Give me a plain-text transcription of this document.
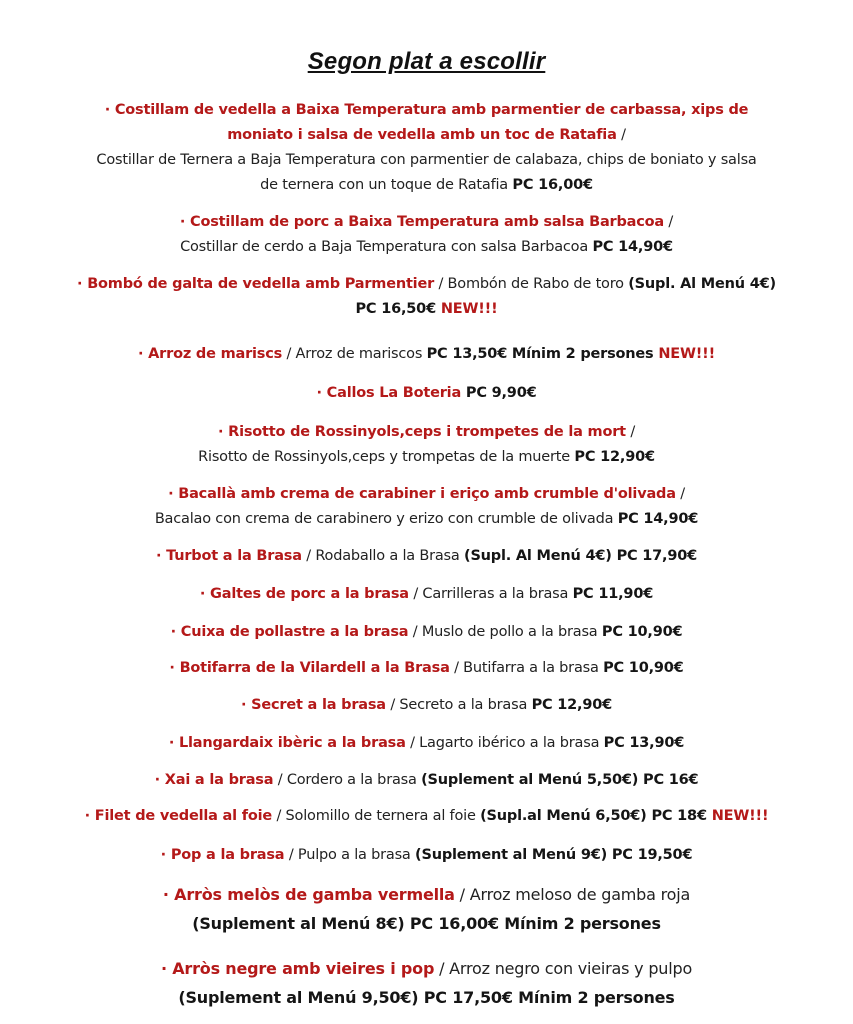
Segon plat a escollir
· Costillam de vedella a Baixa Temperatura amb parmentier de carbassa, xips de
moniato i salsa de vedella amb un toc de Ratafia /
Costillar de Ternera a Baja Temperatura con parmentier de calabaza, chips de boniato y salsa
de ternera con un toque de Ratafia PC 16,00€
· Costillam de porc a Baixa Temperatura amb salsa Barbacoa /
Costillar de cerdo a Baja Temperatura con salsa Barbacoa PC 14,90€
· Bombó de galta de vedella amb Parmentier / Bombón de Rabo de toro (Supl. Al Menú 4€)
PC 16,50€ NEW!!!
· Arroz de mariscs / Arroz de mariscos PC 13,50€ Mínim 2 persones NEW!!!
· Callos La Boteria PC 9,90€
· Risotto de Rossinyols,ceps i trompetes de la mort /
Risotto de Rossinyols,ceps y trompetas de la muerte PC 12,90€
· Bacallà amb crema de carabiner i eriço amb crumble d'olivada /
Bacalao con crema de carabinero y erizo con crumble de olivada PC 14,90€
· Turbot a la Brasa / Rodaballo a la Brasa (Supl. Al Menú 4€) PC 17,90€
· Galtes de porc a la brasa / Carrilleras a la brasa PC 11,90€
· Cuixa de pollastre a la brasa / Muslo de pollo a la brasa PC 10,90€
· Botifarra de la Vilardell a la Brasa / Butifarra a la brasa PC 10,90€
· Secret a la brasa / Secreto a la brasa PC 12,90€
· Llangardaix ibèric a la brasa / Lagarto ibérico a la brasa PC 13,90€
· Xai a la brasa / Cordero a la brasa (Suplement al Menú 5,50€) PC 16€
· Filet de vedella al foie / Solomillo de ternera al foie (Supl.al Menú 6,50€) PC 18€ NEW!!!
· Pop a la brasa / Pulpo a la brasa (Suplement al Menú 9€) PC 19,50€
· Arròs melòs de gamba vermella / Arroz meloso de gamba roja
(Suplement al Menú 8€) PC 16,00€ Mínim 2 persones
· Arròs negre amb vieires i pop / Arroz negro con vieiras y pulpo
(Suplement al Menú 9,50€) PC 17,50€ Mínim 2 persones
